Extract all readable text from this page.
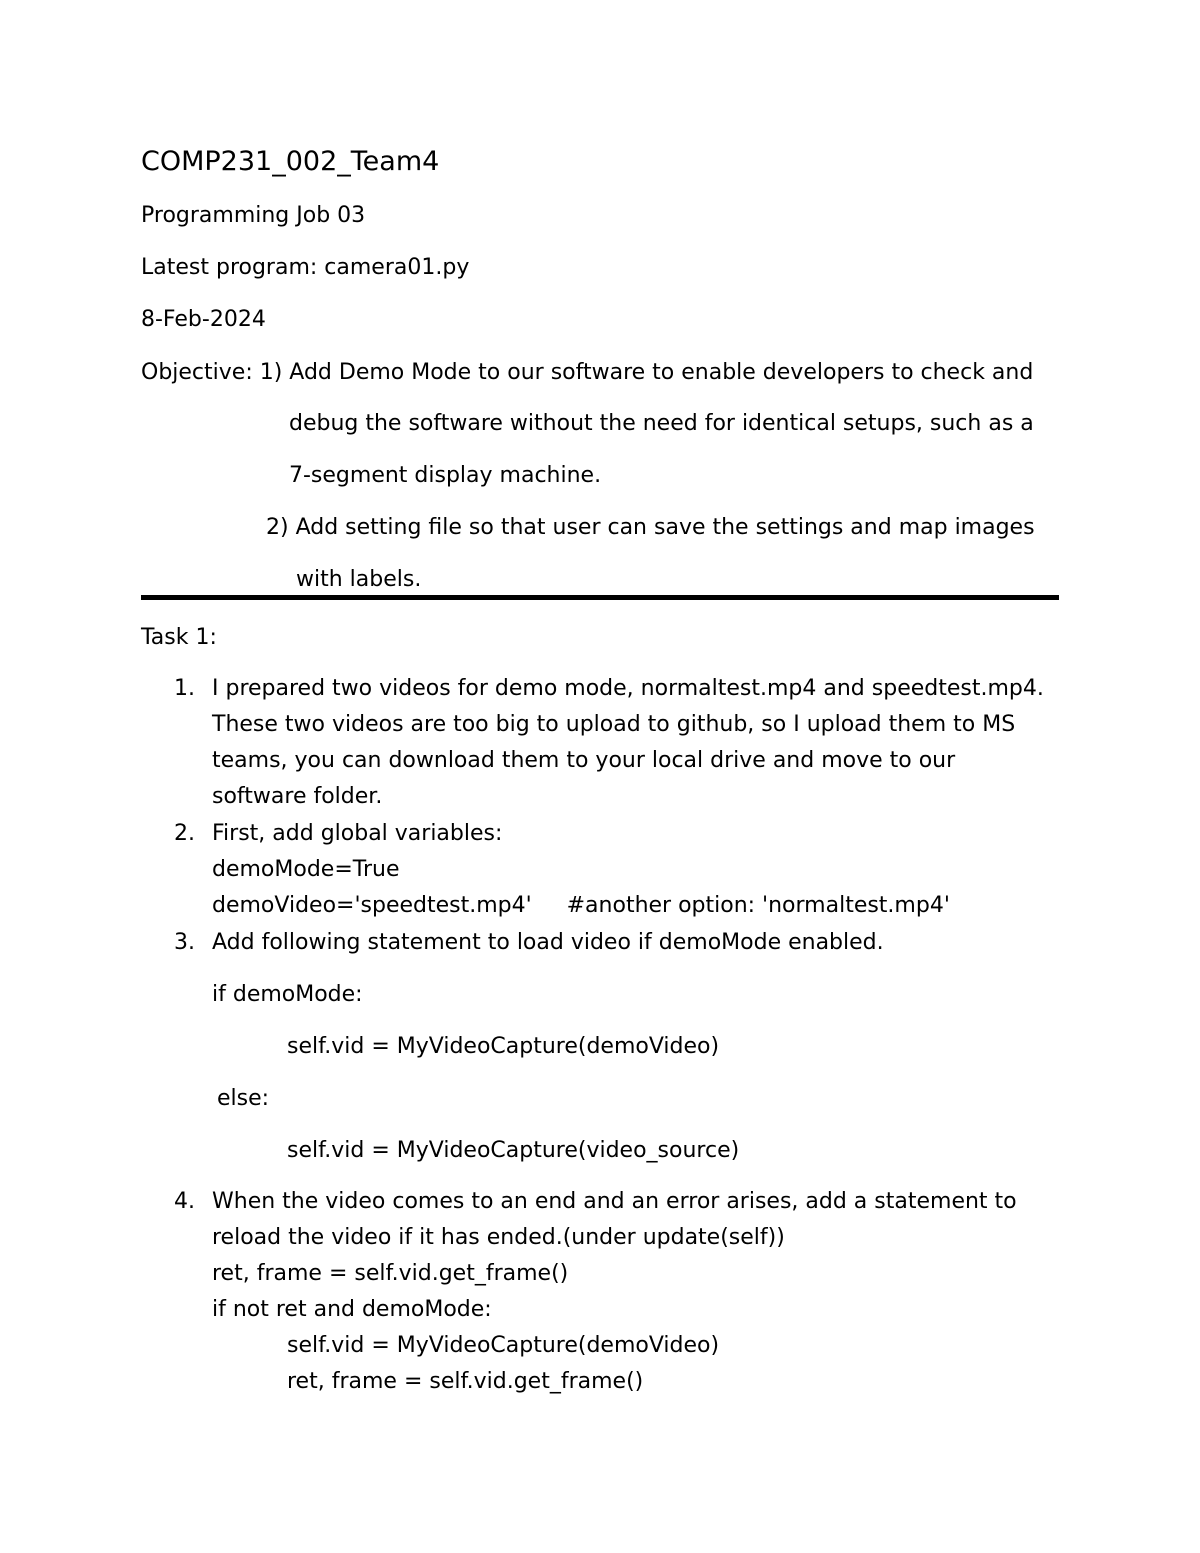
COMP231_002_Team4
Programming Job 03
Latest program: camera01.py
8-Feb-2024
Objective: 1) Add Demo Mode to our software to enable developers to check and
debug the software without the need for identical setups, such as a
7-segment display machine.
2) Add setting file so that user can save the settings and map images
with labels.
Task 1:
1. I prepared two videos for demo mode, normaltest.mp4 and speedtest.mp4.
These two videos are too big to upload to github, so I upload them to MS
teams, you can download them to your local drive and move to our
software folder.
2. First, add global variables:
demoMode=True
demoVideo='speedtest.mp4'     #another option: 'normaltest.mp4'
3. Add following statement to load video if demoMode enabled.
if demoMode:
self.vid = MyVideoCapture(demoVideo)
else:
self.vid = MyVideoCapture(video_source)
4. When the video comes to an end and an error arises, add a statement to
reload the video if it has ended.(under update(self))
ret, frame = self.vid.get_frame()
if not ret and demoMode:
self.vid = MyVideoCapture(demoVideo)
ret, frame = self.vid.get_frame()
